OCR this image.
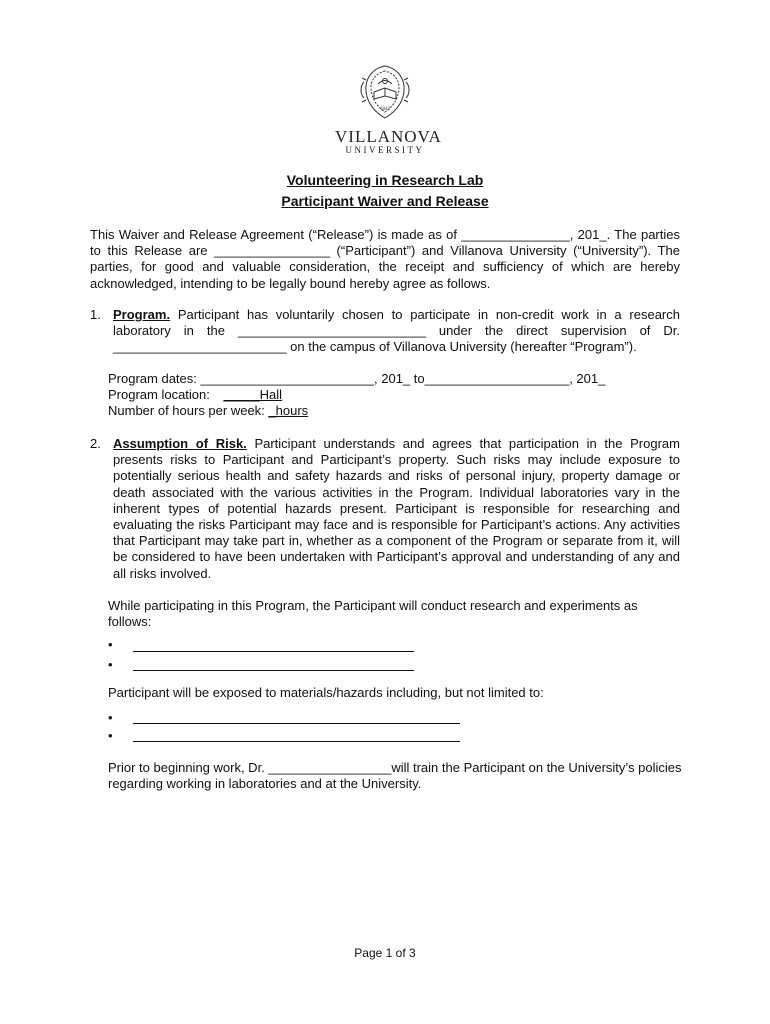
1842
VILLANOVA
UNIVERSITY
Volunteering in Research Lab
Participant Waiver and Release
This Waiver and Release Agreement (“Release”) is made as of _______________, 201_. The parties to this Release are ________________ (“Participant”) and Villanova University (“University”). The parties, for good and valuable consideration, the receipt and sufficiency of which are hereby acknowledged, intending to be legally bound hereby agree as follows.
1. Program. Participant has voluntarily chosen to participate in non-credit work in a research laboratory in the __________________________ under the direct supervision of Dr. ________________________ on the campus of Villanova University (hereafter “Program”).
Program dates: ________________________, 201_ to____________________, 201_
Program location: _____Hall
Number of hours per week: _hours
2. Assumption of Risk. Participant understands and agrees that participation in the Program presents risks to Participant and Participant’s property. Such risks may include exposure to potentially serious health and safety hazards and risks of personal injury, property damage or death associated with the various activities in the Program. Individual laboratories vary in the inherent types of potential hazards present. Participant is responsible for researching and evaluating the risks Participant may face and is responsible for Participant’s actions. Any activities that Participant may take part in, whether as a component of the Program or separate from it, will be considered to have been undertaken with Participant’s approval and understanding of any and all risks involved.
While participating in this Program, the Participant will conduct research and experiments as follows:
•
•
Participant will be exposed to materials/hazards including, but not limited to:
•
•
Prior to beginning work, Dr. _________________will train the Participant on the University’s policies regarding working in laboratories and at the University.
Page 1 of 3
